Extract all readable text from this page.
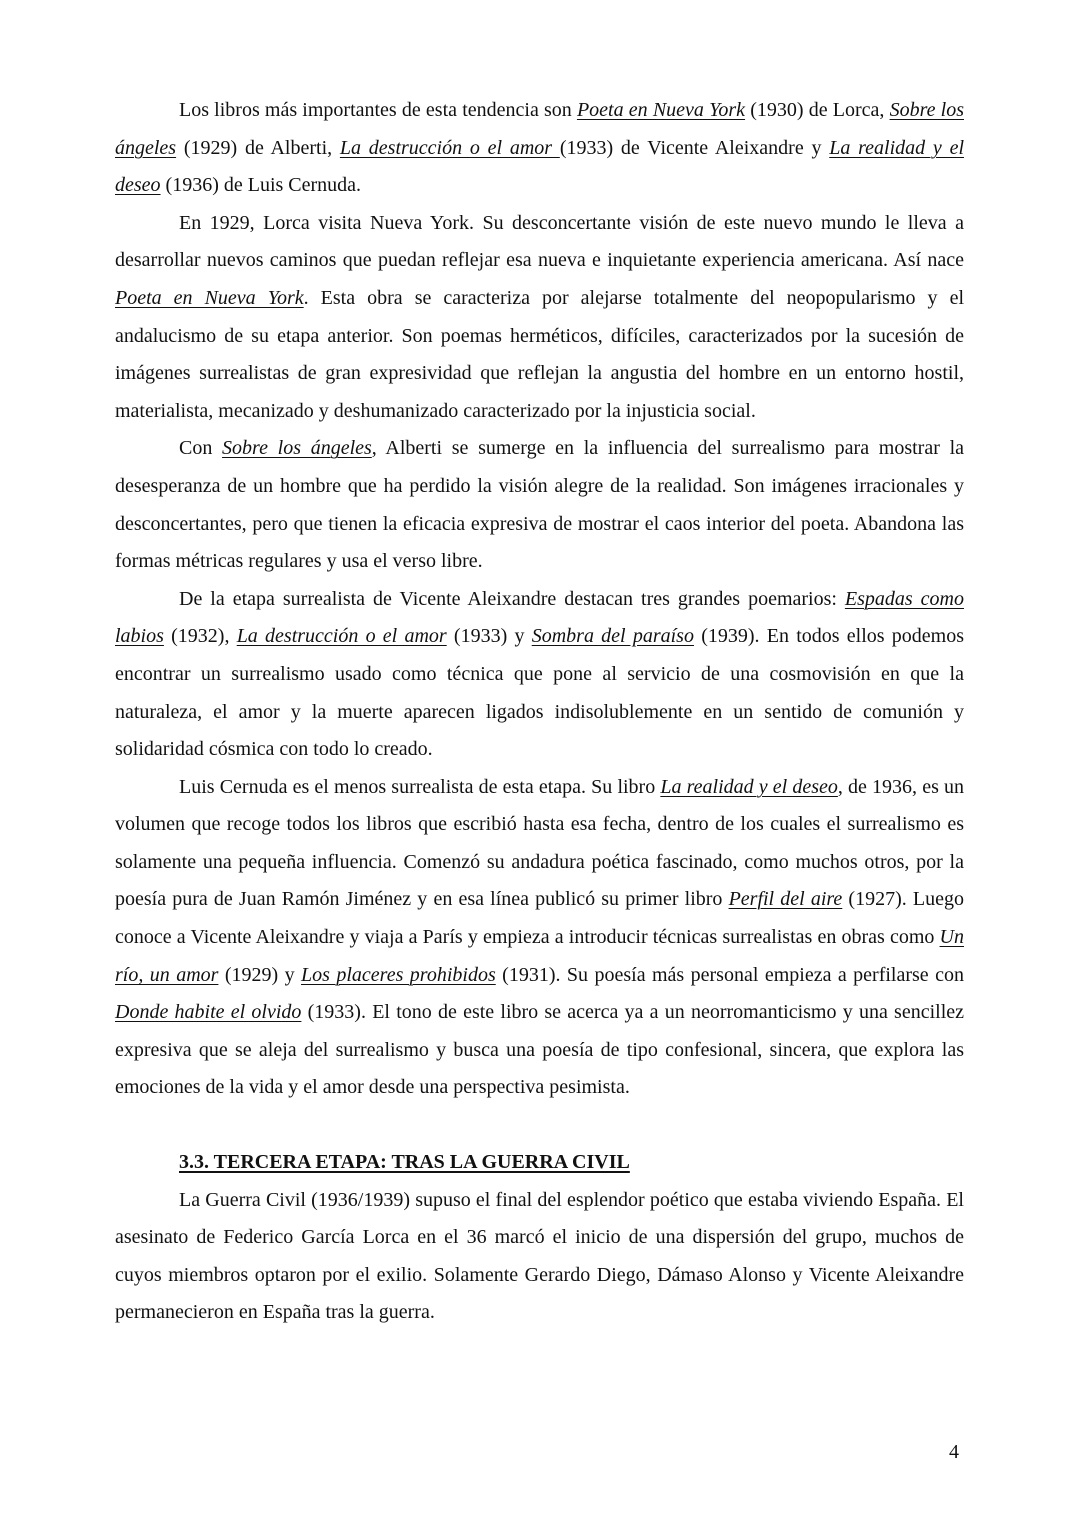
Los libros más importantes de esta tendencia son Poeta en Nueva York (1930) de Lorca, Sobre los ángeles (1929) de Alberti, La destrucción o el amor (1933) de Vicente Aleixandre y La realidad y el deseo (1936) de Luis Cernuda.

En 1929, Lorca visita Nueva York. Su desconcertante visión de este nuevo mundo le lleva a desarrollar nuevos caminos que puedan reflejar esa nueva e inquietante experiencia americana. Así nace Poeta en Nueva York. Esta obra se caracteriza por alejarse totalmente del neopopularismo y el andalucismo de su etapa anterior. Son poemas herméticos, difíciles, caracterizados por la sucesión de imágenes surrealistas de gran expresividad que reflejan la angustia del hombre en un entorno hostil, materialista, mecanizado y deshumanizado caracterizado por la injusticia social.

Con Sobre los ángeles, Alberti se sumerge en la influencia del surrealismo para mostrar la desesperanza de un hombre que ha perdido la visión alegre de la realidad. Son imágenes irracionales y desconcertantes, pero que tienen la eficacia expresiva de mostrar el caos interior del poeta. Abandona las formas métricas regulares y usa el verso libre.

De la etapa surrealista de Vicente Aleixandre destacan tres grandes poemarios: Espadas como labios (1932), La destrucción o el amor (1933) y Sombra del paraíso (1939). En todos ellos podemos encontrar un surrealismo usado como técnica que pone al servicio de una cosmovisión en que la naturaleza, el amor y la muerte aparecen ligados indisolublemente en un sentido de comunión y solidaridad cósmica con todo lo creado.

Luis Cernuda es el menos surrealista de esta etapa. Su libro La realidad y el deseo, de 1936, es un volumen que recoge todos los libros que escribió hasta esa fecha, dentro de los cuales el surrealismo es solamente una pequeña influencia. Comenzó su andadura poética fascinado, como muchos otros, por la poesía pura de Juan Ramón Jiménez y en esa línea publicó su primer libro Perfil del aire (1927). Luego conoce a Vicente Aleixandre y viaja a París y empieza a introducir técnicas surrealistas en obras como Un río, un amor (1929) y Los placeres prohibidos (1931). Su poesía más personal empieza a perfilarse con Donde habite el olvido (1933). El tono de este libro se acerca ya a un neorromanticismo y una sencillez expresiva que se aleja del surrealismo y busca una poesía de tipo confesional, sincera, que explora las emociones de la vida y el amor desde una perspectiva pesimista.

3.3. TERCERA ETAPA: TRAS LA GUERRA CIVIL

La Guerra Civil (1936/1939) supuso el final del esplendor poético que estaba viviendo España. El asesinato de Federico García Lorca en el 36 marcó el inicio de una dispersión del grupo, muchos de cuyos miembros optaron por el exilio. Solamente Gerardo Diego, Dámaso Alonso y Vicente Aleixandre permanecieron en España tras la guerra.

4
